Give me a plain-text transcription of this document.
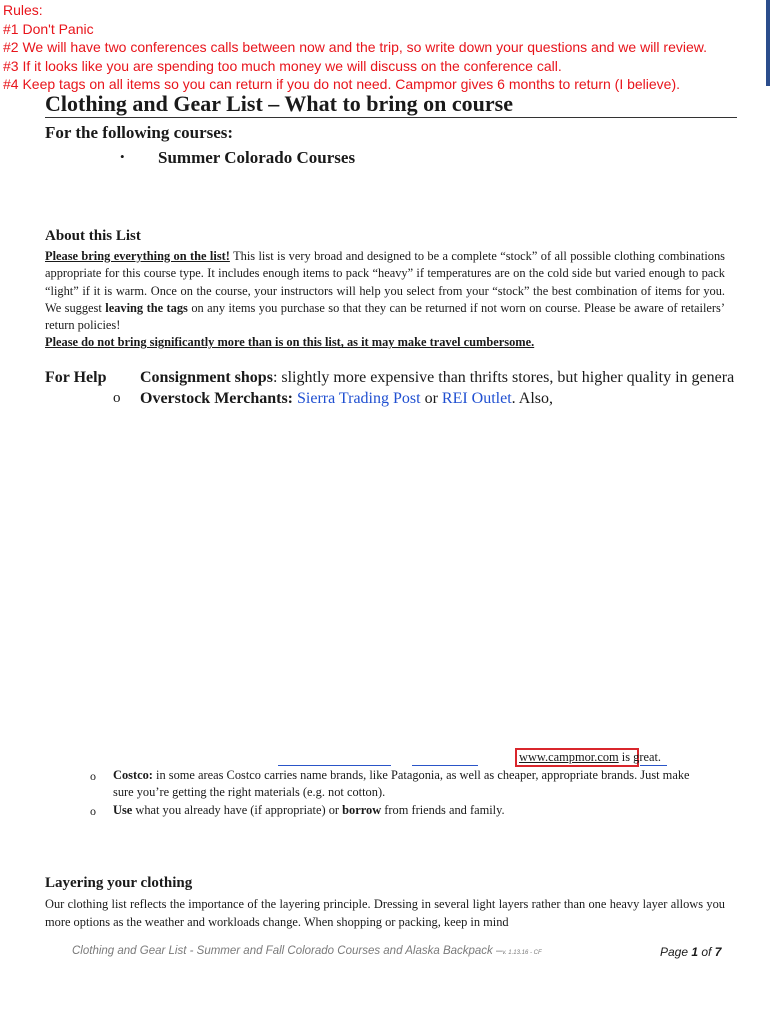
Rules:
#1 Don't Panic
#2 We will have two conferences calls between now and the trip, so write down your questions and we will review.
#3 If it looks like you are spending too much money we will discuss on the conference call.
#4 Keep tags on all items so you can return if you do not need. Campmor gives 6 months to return (I believe).
Clothing and Gear List – What to bring on course
For the following courses:
• Summer Colorado Courses
About this List
Please bring everything on the list! This list is very broad and designed to be a complete “stock” of all possible clothing combinations appropriate for this course type. It includes enough items to pack “heavy” if temperatures are on the cold side but varied enough to pack “light” if it is warm. Once on the course, your instructors will help you select from your “stock” the best combination of items for you. We suggest leaving the tags on any items you purchase so that they can be returned if not worn on course. Please be aware of retailers’ return policies!
Please do not bring significantly more than is on this list, as it may make travel cumbersome.
For Help Consignment shops: slightly more expensive than thrifts stores, but higher quality in genera
o Overstock Merchants: Sierra Trading Post or REI Outlet. Also,
www.campmor.com is great.
o Costco: in some areas Costco carries name brands, like Patagonia, as well as cheaper, appropriate brands. Just make sure you’re getting the right materials (e.g. not cotton).
o Use what you already have (if appropriate) or borrow from friends and family.
Layering your clothing
Our clothing list reflects the importance of the layering principle. Dressing in several light layers rather than one heavy layer allows you more options as the weather and workloads change. When shopping or packing, keep in mind
Clothing and Gear List - Summer and Fall Colorado Courses and Alaska Backpack –v. 1.13.16 - CF	Page 1 of 7
